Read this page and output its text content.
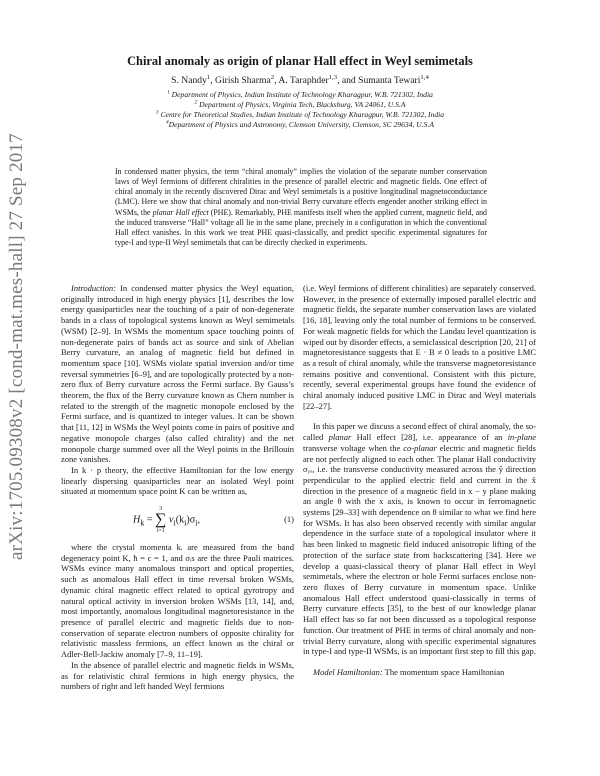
arXiv:1705.09308v2 [cond-mat.mes-hall] 27 Sep 2017
Chiral anomaly as origin of planar Hall effect in Weyl semimetals
S. Nandy$^1$, Girish Sharma$^2$, A. Taraphder$^{1,3}$, and Sumanta Tewari$^{1,4}$
$^1$ Department of Physics, Indian Institute of Technology Kharagpur, W.B. 721302, India
$^2$ Department of Physics, Virginia Tech, Blacksburg, VA 24061, U.S.A
$^3$ Centre for Theoretical Studies, Indian Institute of Technology Kharagpur, W.B. 721302, India
$^4$Department of Physics and Astronomy, Clemson University, Clemson, SC 29634, U.S.A
In condensed matter physics, the term “chiral anomaly” implies the violation of the separate number conservation laws of Weyl fermions of different chiralities in the presence of parallel electric and magnetic fields. One effect of chiral anomaly in the recently discovered Dirac and Weyl semimetals is a positive longitudinal magnetoconductance (LMC). Here we show that chiral anomaly and non-trivial Berry curvature effects engender another striking effect in WSMs, the planar Hall effect (PHE). Remarkably, PHE manifests itself when the applied current, magnetic field, and the induced transverse “Hall” voltage all lie in the same plane, precisely in a configuration in which the conventional Hall effect vanishes. In this work we treat PHE quasi-classically, and predict specific experimental signatures for type-I and type-II Weyl semimetals that can be directly checked in experiments.

Introduction: In condensed matter physics the Weyl equation, originally introduced in high energy physics [1], describes the low energy quasiparticles near the touching of a pair of non-degenerate bands in a class of topological systems known as Weyl semimetals (WSM) [2–9]. In WSMs the momentum space touching points of non-degenerate pairs of bands act as source and sink of Abelian Berry curvature, an analog of magnetic field but defined in momentum space [10]. WSMs violate spatial inversion and/or time reversal symmetries [6–9], and are topologically protected by a non-zero flux of Berry curvature across the Fermi surface. By Gauss’s theorem, the flux of the Berry curvature known as Chern number is related to the strength of the magnetic monopole enclosed by the Fermi surface, and is quantized to integer values. It can be shown that [11, 12] in WSMs the Weyl points come in pairs of positive and negative monopole charges (also called chirality) and the net monopole charge summed over all the Weyl points in the Brillouin zone vanishes.

In k · p theory, the effective Hamiltonian for the low energy linearly dispersing quasiparticles near an isolated Weyl point situated at momentum space point K can be written as,

$H_k$ =
3
∑
i=1
$v_i(k_i)\sigma_i$,	(1)

where the crystal momenta kᵢ are measured from the band degeneracy point K, ħ = c = 1, and σᵢs are the three Pauli matrices. WSMs evince many anomalous transport and optical properties, such as anomalous Hall effect in time reversal broken WSMs, dynamic chiral magnetic effect related to optical gyrotropy and natural optical activity in inversion broken WSMs [13, 14], and, most importantly, anomalous longitudinal magnetoresistance in the presence of parallel electric and magnetic fields due to non-conservation of separate electron numbers of opposite chirality for relativistic massless fermions, an effect known as the chiral or Adler-Bell-Jackiw anomaly [7–9, 11–19].

In the absence of parallel electric and magnetic fields in WSMs, as for relativistic chiral fermions in high energy physics, the numbers of right and left handed Weyl fermions

(i.e. Weyl fermions of different chiralities) are separately conserved. However, in the presence of externally imposed parallel electric and magnetic fields, the separate number conservation laws are violated [16, 18], leaving only the total number of fermions to be conserved. For weak magnetic fields for which the Landau level quantization is wiped out by disorder effects, a semiclassical description [20, 21] of magnetoresistance suggests that E · B ≠ 0 leads to a positive LMC as a result of chiral anomaly, while the transverse magnetoresistance remains positive and conventional. Consistent with this picture, recently, several experimental groups have found the evidence of chiral anomaly induced positive LMC in Dirac and Weyl materials [22–27].

In this paper we discuss a second effect of chiral anomaly, the so-called planar Hall effect [28], i.e. appearance of an in-plane transverse voltage when the co-planar electric and magnetic fields are not perfectly aligned to each other. The planar Hall conductivity σᵧₓ, i.e. the transverse conductivity measured across the ŷ direction perpendicular to the applied electric field and current in the x̂ direction in the presence of a magnetic field in x − y plane making an angle θ with the x axis, is known to occur in ferromagnetic systems [29–33] with dependence on θ similar to what we find here for WSMs. It has also been observed recently with similar angular dependence in the surface state of a topological insulator where it has been linked to magnetic field induced anisotropic lifting of the protection of the surface state from backscattering [34]. Here we develop a quasi-classical theory of planar Hall effect in Weyl semimetals, where the electron or hole Fermi surfaces enclose non-zero fluxes of Berry curvature in momentum space. Unlike anomalous Hall effect understood quasi-classically in terms of Berry curvature effects [35], to the best of our knowledge planar Hall effect has so far not been discussed as a topological response function. Our treatment of PHE in terms of chiral anomaly and non-trivial Berry curvature, along with specific experimental signatures in type-I and type-II WSMs, is an important first step to fill this gap.

Model Hamiltonian: The momentum space Hamiltonian
